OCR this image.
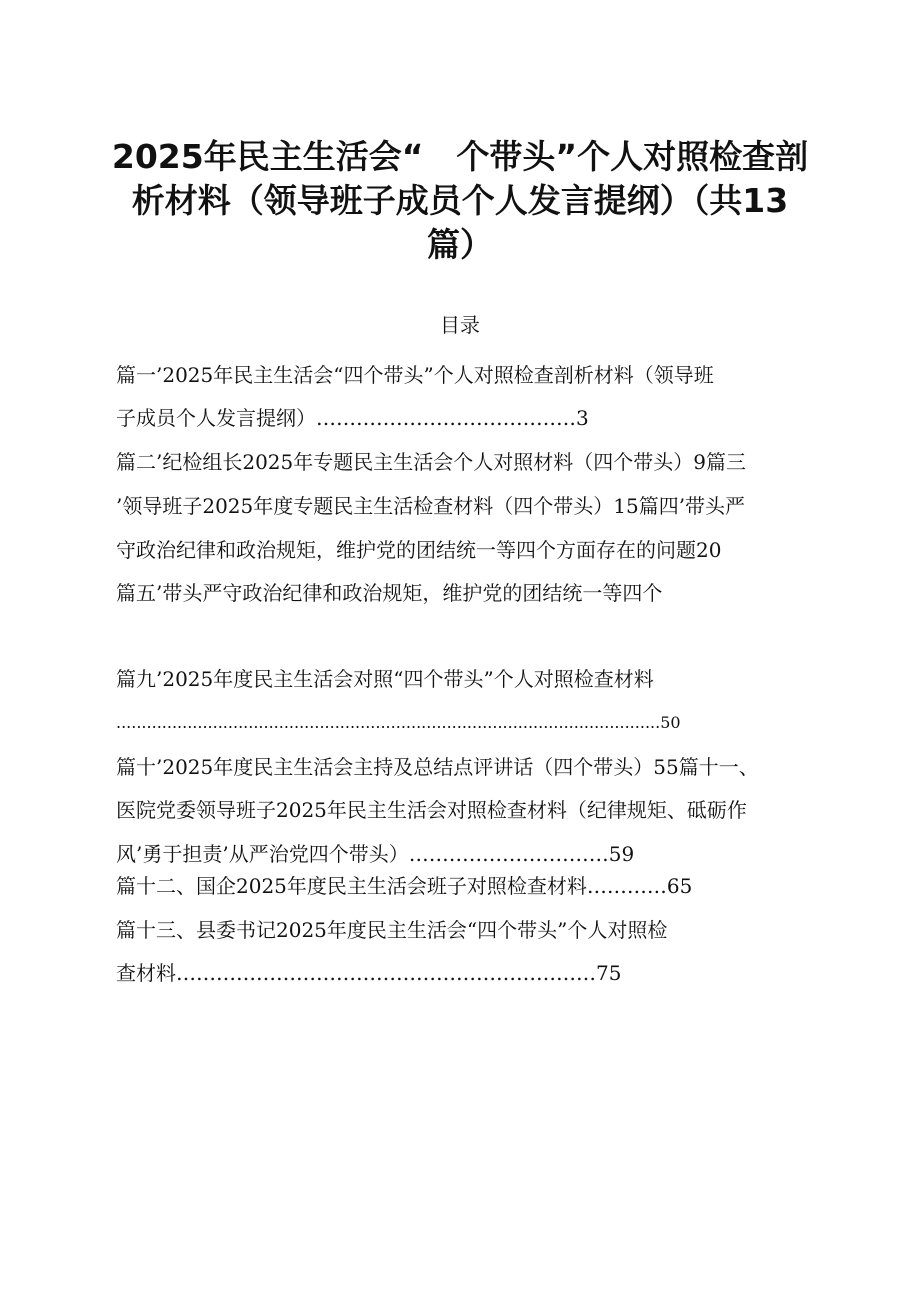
2025年民主生活会“　个带头”个人对照检查剖
析材料（领导班子成员个人发言提纲）（共13
篇）
目录
篇一’2025年民主生活会“四个带头”个人对照检查剖析材料（领导班
子成员个人发言提纲）…………………………………3
篇二’纪检组长2025年专题民主生活会个人对照材料（四个带头）9篇三
’领导班子2025年度专题民主生活检查材料（四个带头）15篇四’带头严
守政治纪律和政治规矩，维护党的团结统一等四个方面存在的问题20
篇五’带头严守政治纪律和政治规矩，维护党的团结统一等四个
篇九’2025年度民主生活会对照“四个带头”个人对照检查材料
...........................................................................................................50
篇十’2025年度民主生活会主持及总结点评讲话（四个带头）55篇十一、
医院党委领导班子2025年民主生活会对照检查材料（纪律规矩、砥砺作
风’勇于担责’从严治党四个带头）…………………………59
篇十二、国企2025年度民主生活会班子对照检查材料…………65
篇十三、县委书记2025年度民主生活会“四个带头”个人对照检
查材料………………………………………………………75
